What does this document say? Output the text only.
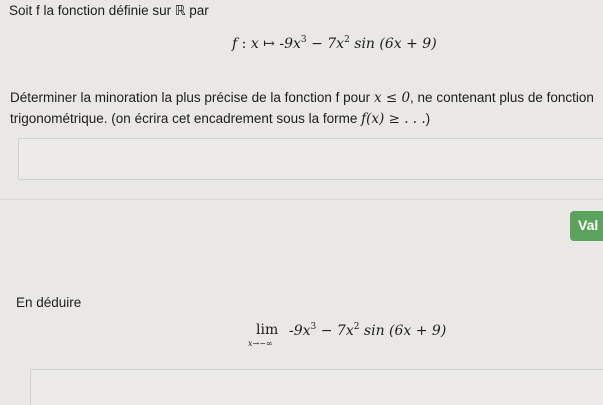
Soit f la fonction définie sur ℝ par
f : x ↦ $-9x^3 - 7x^2$ sin (6x + 9)
Déterminer la minoration la plus précise de la fonction f pour x ≤ 0, ne contenant plus de fonction
trigonométrique. (on écrira cet encadrement sous la forme f(x) ≥ . . .)
Val
En déduire
lim
x→−∞
$-9x^3 - 7x^2$ sin (6x + 9)
